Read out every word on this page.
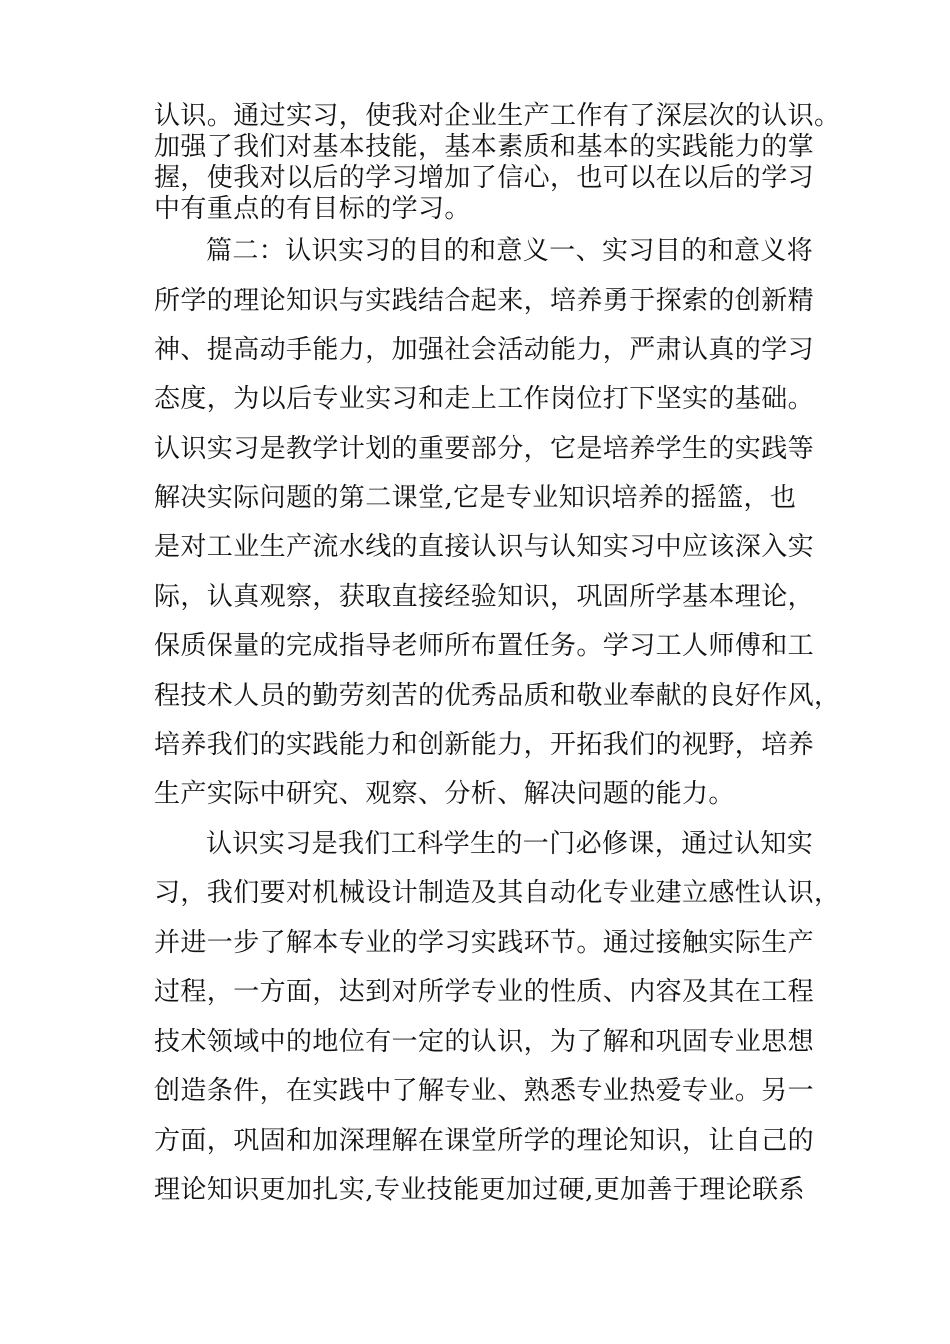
认识。通过实习，使我对企业生产工作有了深层次的认识。
加强了我们对基本技能，基本素质和基本的实践能力的掌
握，使我对以后的学习增加了信心，也可以在以后的学习
中有重点的有目标的学习。
篇二：认识实习的目的和意义一、实习目的和意义将
所学的理论知识与实践结合起来，培养勇于探索的创新精
神、提高动手能力，加强社会活动能力，严肃认真的学习
态度，为以后专业实习和走上工作岗位打下坚实的基础。
认识实习是教学计划的重要部分，它是培养学生的实践等
解决实际问题的第二课堂,它是专业知识培养的摇篮，也
是对工业生产流水线的直接认识与认知实习中应该深入实
际，认真观察，获取直接经验知识，巩固所学基本理论，
保质保量的完成指导老师所布置任务。学习工人师傅和工
程技术人员的勤劳刻苦的优秀品质和敬业奉献的良好作风，
培养我们的实践能力和创新能力，开拓我们的视野，培养
生产实际中研究、观察、分析、解决问题的能力。
认识实习是我们工科学生的一门必修课，通过认知实
习，我们要对机械设计制造及其自动化专业建立感性认识，
并进一步了解本专业的学习实践环节。通过接触实际生产
过程，一方面，达到对所学专业的性质、内容及其在工程
技术领域中的地位有一定的认识，为了解和巩固专业思想
创造条件，在实践中了解专业、熟悉专业热爱专业。另一
方面，巩固和加深理解在课堂所学的理论知识，让自己的
理论知识更加扎实,专业技能更加过硬,更加善于理论联系
